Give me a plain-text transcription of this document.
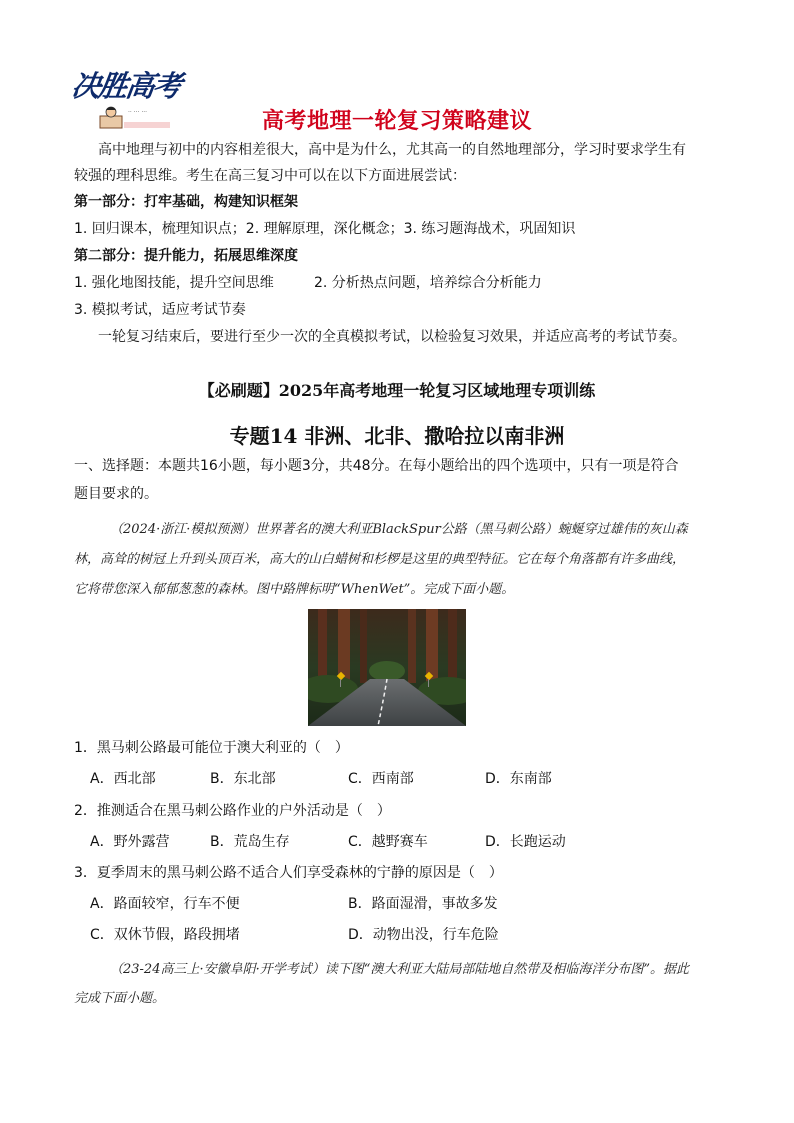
决胜高考
·· ··· ···	高考地理一轮复习策略建议
高中地理与初中的内容相差很大，高中是为什么，尤其高一的自然地理部分，学习时要求学生有
较强的理科思维。考生在高三复习中可以在以下方面进展尝试：
第一部分：打牢基础，构建知识框架
1. 回归课本，梳理知识点；2. 理解原理，深化概念；3. 练习题海战术，巩固知识
第二部分：提升能力，拓展思维深度
1. 强化地图技能，提升空间思维	2. 分析热点问题，培养综合分析能力
3. 模拟考试，适应考试节奏
一轮复习结束后，要进行至少一次的全真模拟考试，以检验复习效果，并适应高考的考试节奏。
【必刷题】2025年高考地理一轮复习区域地理专项训练
专题14 非洲、北非、撒哈拉以南非洲
一、选择题：本题共16小题，每小题3分，共48分。在每小题给出的四个选项中，只有一项是符合
题目要求的。
（2024·浙江·模拟预测）世界著名的澳大利亚BlackSpur公路（黑马刺公路）蜿蜒穿过雄伟的灰山森
林，高耸的树冠上升到头顶百米，高大的山白蜡树和杉椤是这里的典型特征。它在每个角落都有许多曲线，
它将带您深入郁郁葱葱的森林。图中路牌标明“WhenWet”。完成下面小题。
1．黑马刺公路最可能位于澳大利亚的（　）
A．西北部	B．东北部	C．西南部	D．东南部
2．推测适合在黑马刺公路作业的户外活动是（　）
A．野外露营	B．荒岛生存	C．越野赛车	D．长跑运动
3．夏季周末的黑马刺公路不适合人们享受森林的宁静的原因是（　）
A．路面较窄，行车不便	B．路面湿滑，事故多发
C．双休节假，路段拥堵	D．动物出没，行车危险
（23-24高三上·安徽阜阳·开学考试）读下图“澳大利亚大陆局部陆地自然带及相临海洋分布图”。据此
完成下面小题。
